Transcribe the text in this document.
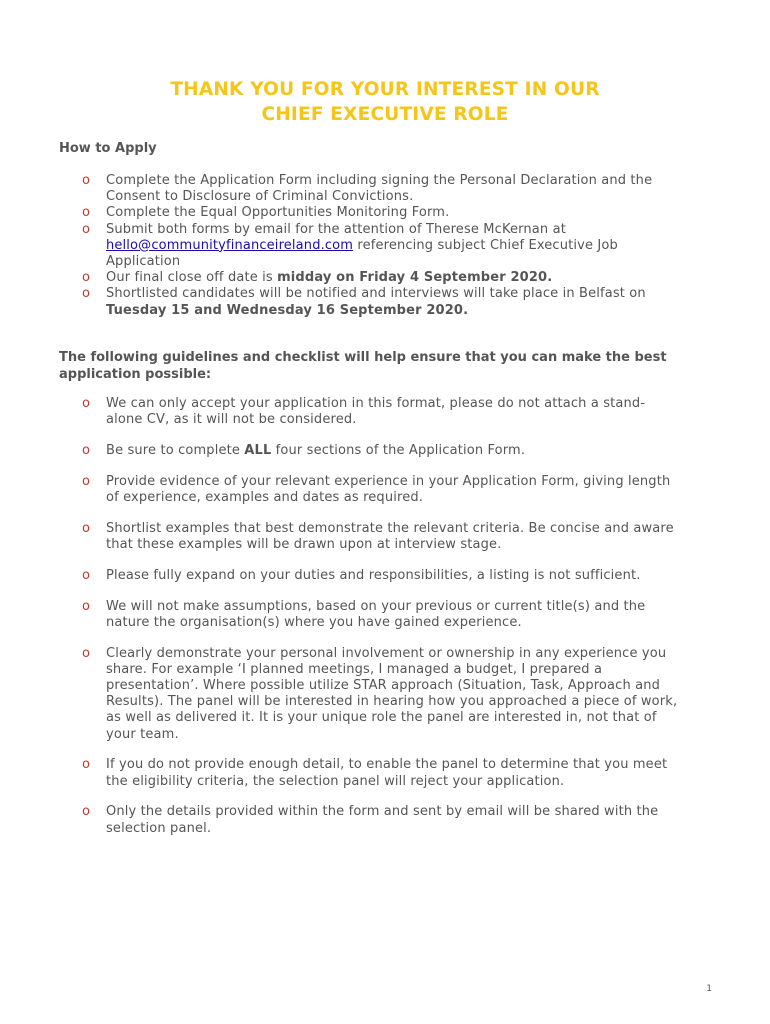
THANK YOU FOR YOUR INTEREST IN OUR
CHIEF EXECUTIVE ROLE
How to Apply
o Complete the Application Form including signing the Personal Declaration and the Consent to Disclosure of Criminal Convictions.
o Complete the Equal Opportunities Monitoring Form.
o Submit both forms by email for the attention of Therese McKernan at hello@communityfinanceireland.com referencing subject Chief Executive Job Application
o Our final close off date is midday on Friday 4 September 2020.
o Shortlisted candidates will be notified and interviews will take place in Belfast on Tuesday 15 and Wednesday 16 September 2020.
The following guidelines and checklist will help ensure that you can make the best application possible:
o We can only accept your application in this format, please do not attach a stand-alone CV, as it will not be considered.
o Be sure to complete ALL four sections of the Application Form.
o Provide evidence of your relevant experience in your Application Form, giving length of experience, examples and dates as required.
o Shortlist examples that best demonstrate the relevant criteria. Be concise and aware that these examples will be drawn upon at interview stage.
o Please fully expand on your duties and responsibilities, a listing is not sufficient.
o We will not make assumptions, based on your previous or current title(s) and the nature the organisation(s) where you have gained experience.
o Clearly demonstrate your personal involvement or ownership in any experience you share. For example ‘I planned meetings, I managed a budget, I prepared a presentation’. Where possible utilize STAR approach (Situation, Task, Approach and Results). The panel will be interested in hearing how you approached a piece of work, as well as delivered it. It is your unique role the panel are interested in, not that of your team.
o If you do not provide enough detail, to enable the panel to determine that you meet the eligibility criteria, the selection panel will reject your application.
o Only the details provided within the form and sent by email will be shared with the selection panel.
1
